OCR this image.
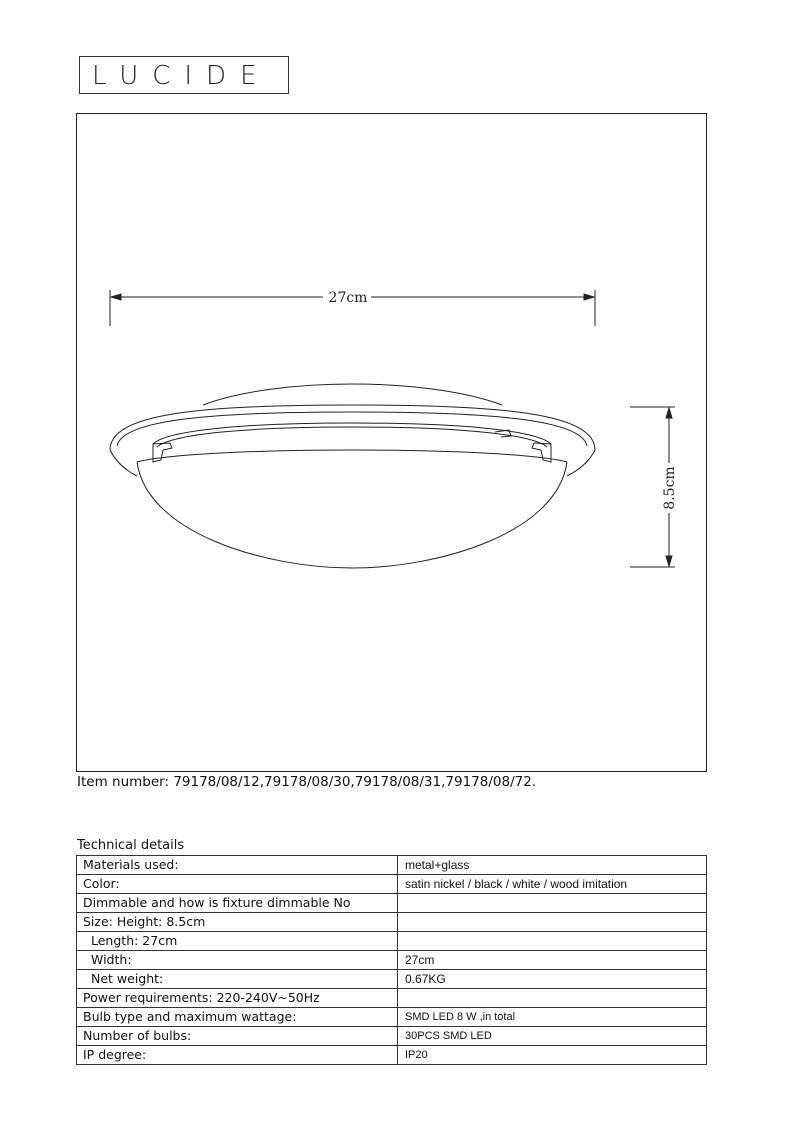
LUCIDE
27cm
8.5cm
Item number: 79178/08/12,79178/08/30,79178/08/31,79178/08/72.
Technical details
Materials used:	metal+glass
Color:	satin nickel / black / white / wood imitation
Dimmable and how is fixture dimmable No	
Size: Height: 8.5cm	
Length: 27cm	
Width:	27cm
Net weight:	0.67KG
Power requirements: 220-240V~50Hz	
Bulb type and maximum wattage:	SMD LED 8 W ,in total
Number of bulbs:	30PCS SMD LED
IP degree:	IP20
